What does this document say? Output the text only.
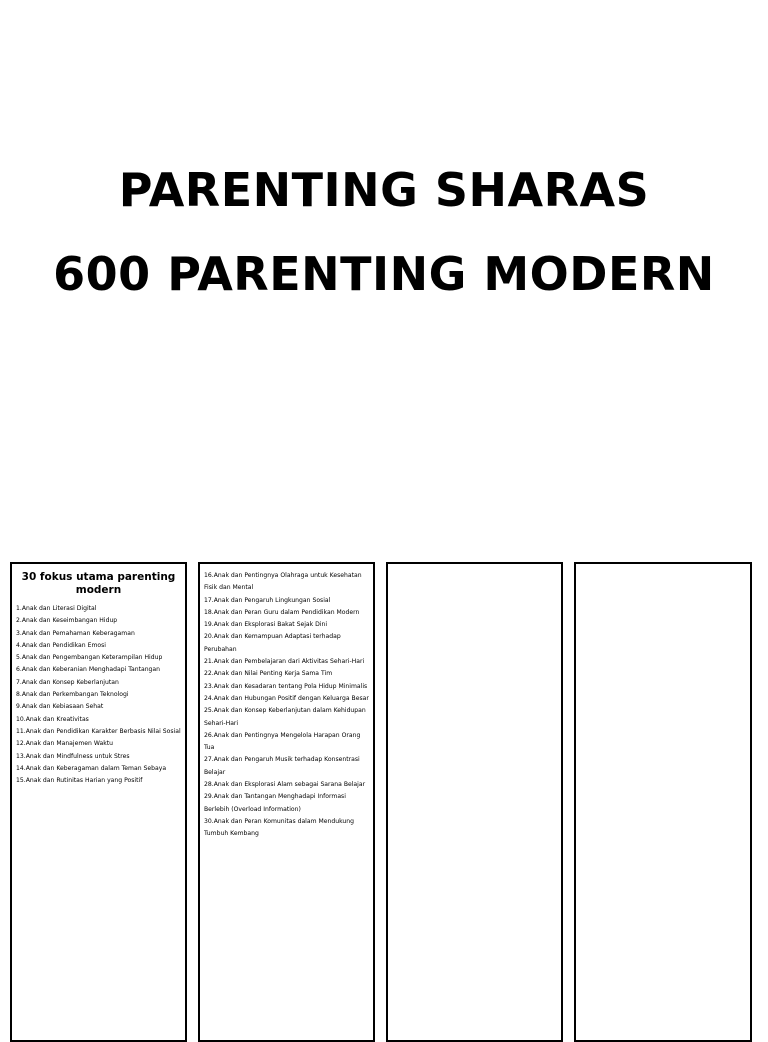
PARENTING SHARAS
600 PARENTING MODERN
30 fokus utama parenting modern
1.Anak dan Literasi Digital
2.Anak dan Keseimbangan Hidup
3.Anak dan Pemahaman Keberagaman
4.Anak dan Pendidikan Emosi
5.Anak dan Pengembangan Keterampilan Hidup
6.Anak dan Keberanian Menghadapi Tantangan
7.Anak dan Konsep Keberlanjutan
8.Anak dan Perkembangan Teknologi
9.Anak dan Kebiasaan Sehat
10.Anak dan Kreativitas
11.Anak dan Pendidikan Karakter Berbasis Nilai Sosial
12.Anak dan Manajemen Waktu
13.Anak dan Mindfulness untuk Stres
14.Anak dan Keberagaman dalam Teman Sebaya
15.Anak dan Rutinitas Harian yang Positif
16.Anak dan Pentingnya Olahraga untuk Kesehatan Fisik dan Mental
17.Anak dan Pengaruh Lingkungan Sosial
18.Anak dan Peran Guru dalam Pendidikan Modern
19.Anak dan Eksplorasi Bakat Sejak Dini
20.Anak dan Kemampuan Adaptasi terhadap Perubahan
21.Anak dan Pembelajaran dari Aktivitas Sehari-Hari
22.Anak dan Nilai Penting Kerja Sama Tim
23.Anak dan Kesadaran tentang Pola Hidup Minimalis
24.Anak dan Hubungan Positif dengan Keluarga Besar
25.Anak dan Konsep Keberlanjutan dalam Kehidupan Sehari-Hari
26.Anak dan Pentingnya Mengelola Harapan Orang Tua
27.Anak dan Pengaruh Musik terhadap Konsentrasi Belajar
28.Anak dan Eksplorasi Alam sebagai Sarana Belajar
29.Anak dan Tantangan Menghadapi Informasi Berlebih (Overload Information)
30.Anak dan Peran Komunitas dalam Mendukung Tumbuh Kembang
